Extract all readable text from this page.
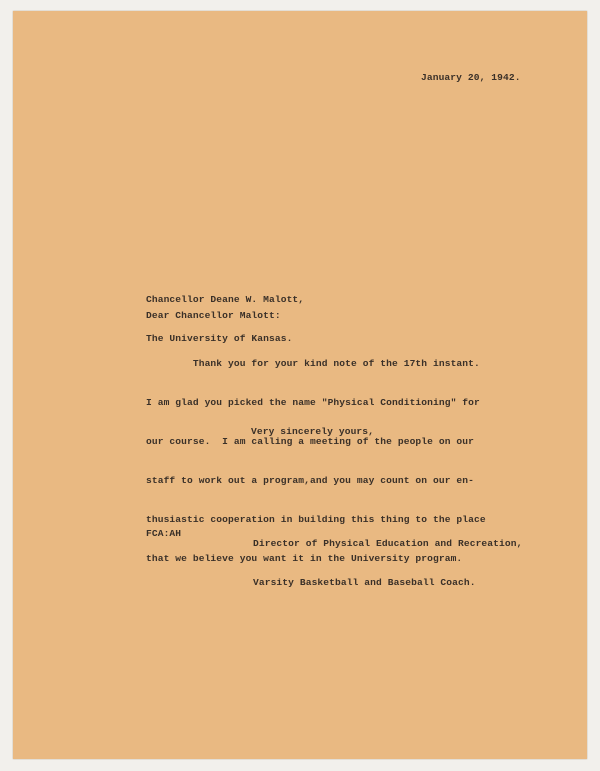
January 20, 1942.

Chancellor Deane W. Malott,

The University of Kansas.

Dear Chancellor Malott:

Thank you for your kind note of the 17th instant.

I am glad you picked the name "Physical Conditioning" for

our course.  I am calling a meeting of the people on our

staff to work out a program,and you may count on our en-

thusiastic cooperation in building this thing to the place

that we believe you want it in the University program.

Very sincerely yours,

Director of Physical Education and Recreation,

Varsity Basketball and Baseball Coach.

FCA:AH
